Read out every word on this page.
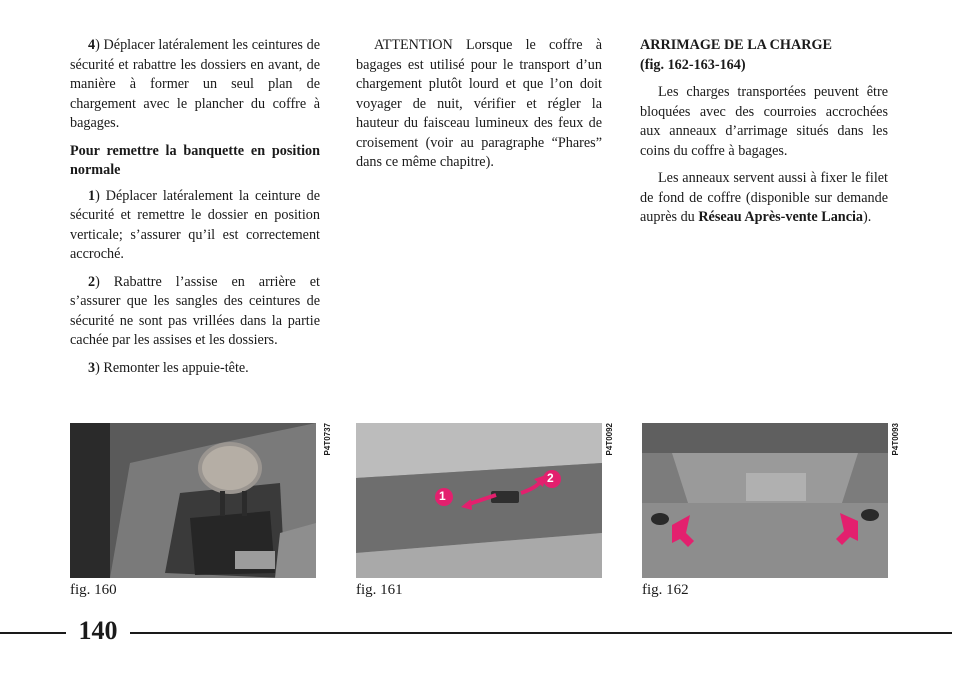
4) Déplacer latéralement les ceintures de sécurité et rabattre les dossiers en avant, de manière à former un seul plan de chargement avec le plancher du coffre à bagages.

Pour remettre la banquette en position normale

1) Déplacer latéralement la ceinture de sécurité et remettre le dossier en position verticale; s’assurer qu’il est correctement accroché.

2) Rabattre l’assise en arrière et s’assurer que les sangles des ceintures de sécurité ne sont pas vrillées dans la partie cachée par les assises et les dossiers.

3) Remonter les appuie-tête.

ATTENTION Lorsque le coffre à bagages est utilisé pour le transport d’un chargement plutôt lourd et que l’on doit voyager de nuit, vérifier et régler la hauteur du faisceau lumineux des feux de croisement (voir au paragraphe “Phares” dans ce même chapitre).

ARRIMAGE DE LA CHARGE
(fig. 162-163-164)

Les charges transportées peuvent être bloquées avec des courroies accrochées aux anneaux d’arrimage situés dans les coins du coffre à bagages.

Les anneaux servent aussi à fixer le filet de fond de coffre (disponible sur demande auprès du Réseau Après-vente Lancia).

P4T0737
fig. 160
1
2
P4T0092
fig. 161
P4T0093
fig. 162
140
